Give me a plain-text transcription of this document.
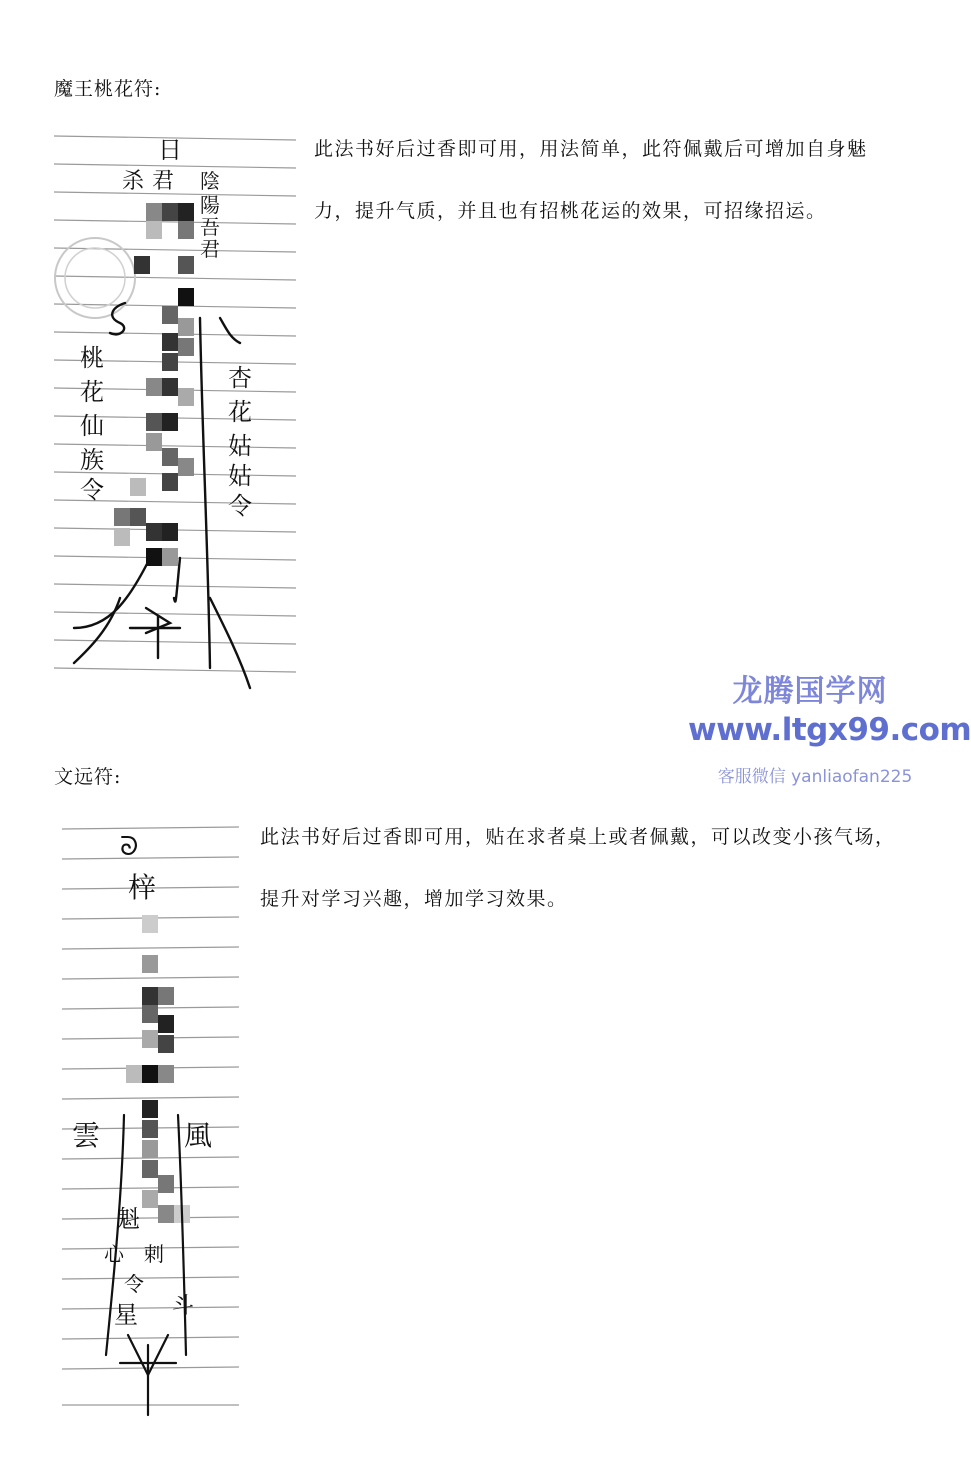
魔王桃花符:
日
君
杀	陰
陽
吾
君
桃
花
仙
族
令
杏
花
姑
姑
令

此法书好后过香即可用，用法简单，此符佩戴后可增加自身魅力，提升气质，并且也有招桃花运的效果，可招缘招运。

龙腾国学网
www.ltgx99.com
客服微信 yanliaofan225
文远符:
ᘐ
梓
雲	風
魁
心 剌
令
星 斗

此法书好后过香即可用，贴在求者桌上或者佩戴，可以改变小孩气场，提升对学习兴趣，增加学习效果。
